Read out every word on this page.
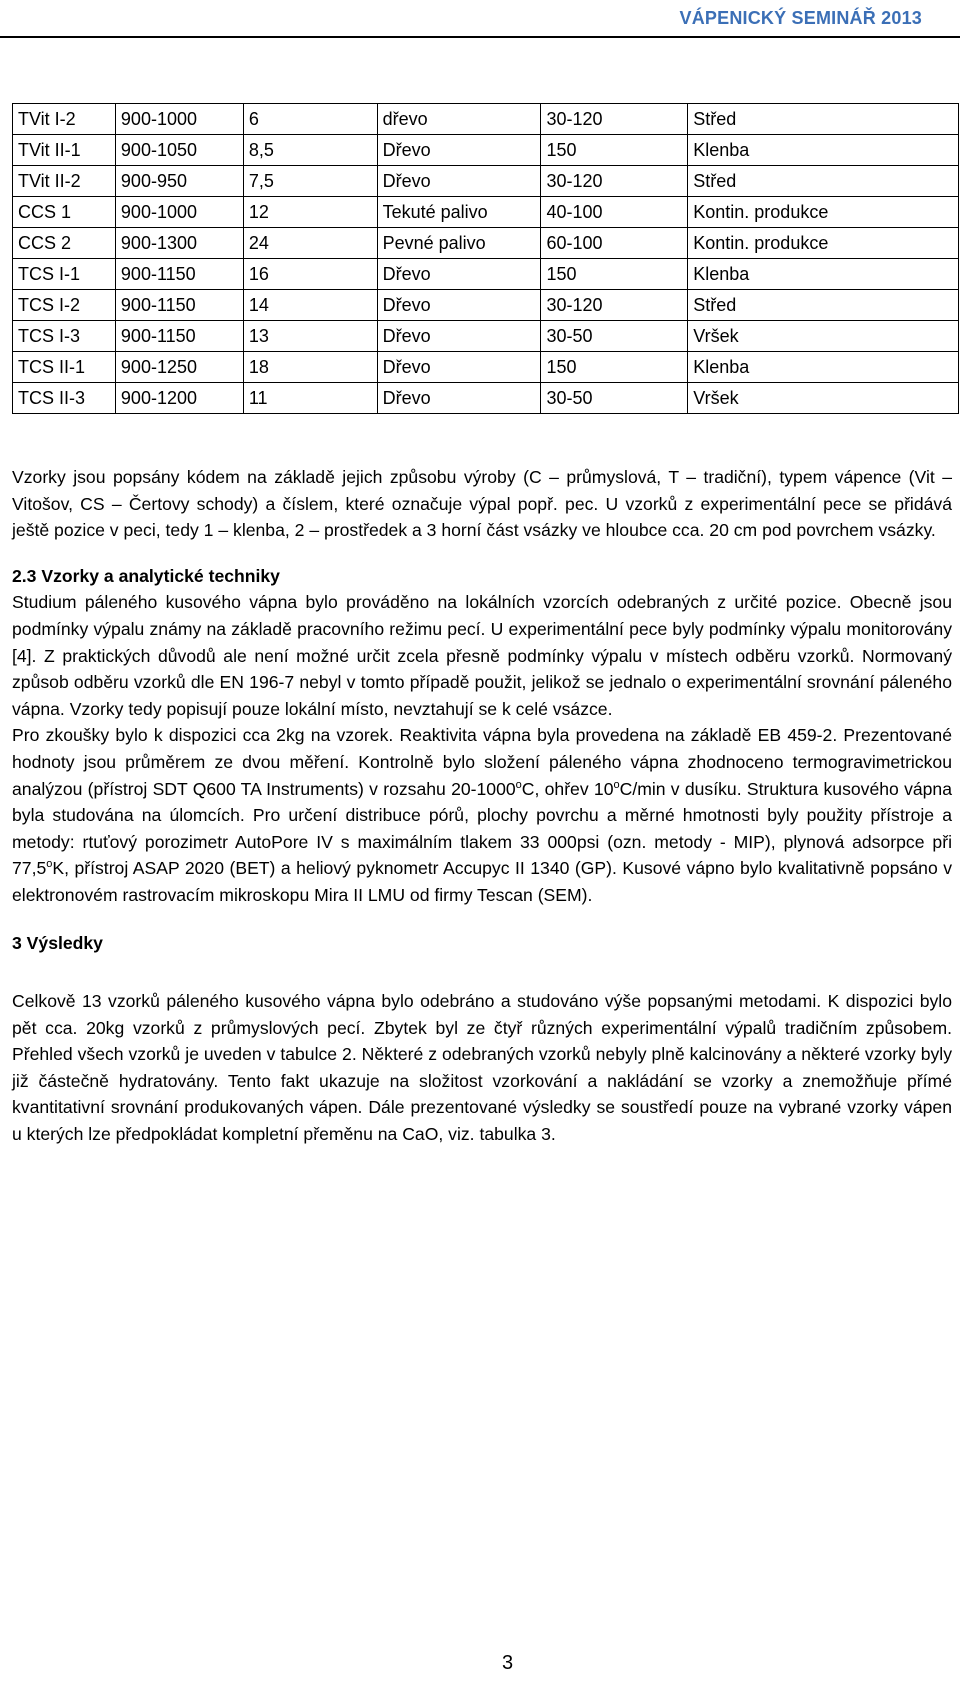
VÁPENICKÝ SEMINÁŘ 2013
TVit I-2	900-1000	6	dřevo	30-120	Střed
TVit II-1	900-1050	8,5	Dřevo	150	Klenba
TVit II-2	900-950	7,5	Dřevo	30-120	Střed
CCS 1	900-1000	12	Tekuté palivo	40-100	Kontin. produkce
CCS 2	900-1300	24	Pevné palivo	60-100	Kontin. produkce
TCS I-1	900-1150	16	Dřevo	150	Klenba
TCS I-2	900-1150	14	Dřevo	30-120	Střed
TCS I-3	900-1150	13	Dřevo	30-50	Vršek
TCS II-1	900-1250	18	Dřevo	150	Klenba
TCS II-3	900-1200	11	Dřevo	30-50	Vršek

Vzorky jsou popsány kódem na základě jejich způsobu výroby (C – průmyslová, T – tradiční), typem vápence (Vit – Vitošov, CS – Čertovy schody) a číslem, které označuje výpal popř. pec. U vzorků z experimentální pece se přidává ještě pozice v peci, tedy 1 – klenba, 2 – prostředek a 3 horní část vsázky ve hloubce cca. 20 cm pod povrchem vsázky.

2.3 Vzorky a analytické techniky

Studium páleného kusového vápna bylo prováděno na lokálních vzorcích odebraných z určité pozice. Obecně jsou podmínky výpalu známy na základě pracovního režimu pecí. U experimentální pece byly podmínky výpalu monitorovány [4]. Z praktických důvodů ale není možné určit zcela přesně podmínky výpalu v místech odběru vzorků. Normovaný způsob odběru vzorků dle EN 196-7 nebyl v tomto případě použit, jelikož se jednalo o experimentální srovnání páleného vápna. Vzorky tedy popisují pouze lokální místo, nevztahují se k celé vsázce.

Pro zkoušky bylo k dispozici cca 2kg na vzorek. Reaktivita vápna byla provedena na základě EB 459-2. Prezentované hodnoty jsou průměrem ze dvou měření. Kontrolně bylo složení páleného vápna zhodnoceno termogravimetrickou analýzou (přístroj SDT Q600 TA Instruments) v rozsahu 20-1000$^o$C, ohřev 10$^o$C/min v dusíku. Struktura kusového vápna byla studována na úlomcích. Pro určení distribuce pórů, plochy povrchu a měrné hmotnosti byly použity přístroje a metody: rtuťový porozimetr AutoPore IV s maximálním tlakem 33 000psi (ozn. metody - MIP), plynová adsorpce při 77,5$^o$K, přístroj ASAP 2020 (BET) a heliový pyknometr Accupyc II 1340 (GP). Kusové vápno bylo kvalitativně popsáno v elektronovém rastrovacím mikroskopu Mira II LMU od firmy Tescan (SEM).

3 Výsledky

Celkově 13 vzorků páleného kusového vápna bylo odebráno a studováno výše popsanými metodami. K dispozici bylo pět cca. 20kg vzorků z průmyslových pecí. Zbytek byl ze čtyř různých experimentální výpalů tradičním způsobem. Přehled všech vzorků je uveden v tabulce 2. Některé z odebraných vzorků nebyly plně kalcinovány a některé vzorky byly již částečně hydratovány. Tento fakt ukazuje na složitost vzorkování a nakládání se vzorky a znemožňuje přímé kvantitativní srovnání produkovaných vápen. Dále prezentované výsledky se soustředí pouze na vybrané vzorky vápen u kterých lze předpokládat kompletní přeměnu na CaO, viz. tabulka 3.

3
